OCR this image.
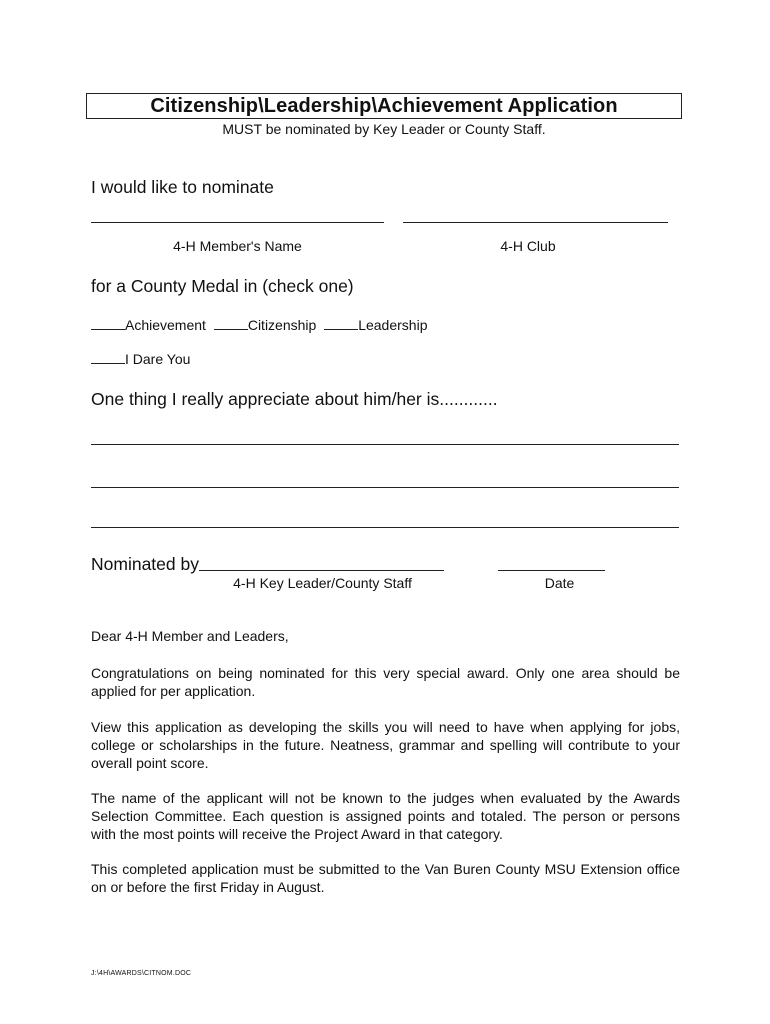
Citizenship\Leadership\Achievement Application
MUST be nominated by Key Leader or County Staff.
I would like to nominate
4-H Member's Name	4-H Club
for a County Medal in (check one)
Achievement	Citizenship	Leadership
I Dare You
One thing I really appreciate about him/her is............
Nominated by
4-H Key Leader/County Staff	Date
Dear 4-H Member and Leaders,
Congratulations on being nominated for this very special award. Only one area should be applied for per application.
View this application as developing the skills you will need to have when applying for jobs, college or scholarships in the future. Neatness, grammar and spelling will contribute to your overall point score.
The name of the applicant will not be known to the judges when evaluated by the Awards Selection Committee. Each question is assigned points and totaled. The person or persons with the most points will receive the Project Award in that category.
This completed application must be submitted to the Van Buren County MSU Extension office on or before the first Friday in August.
J:\4H\AWARDS\CITNOM.DOC
